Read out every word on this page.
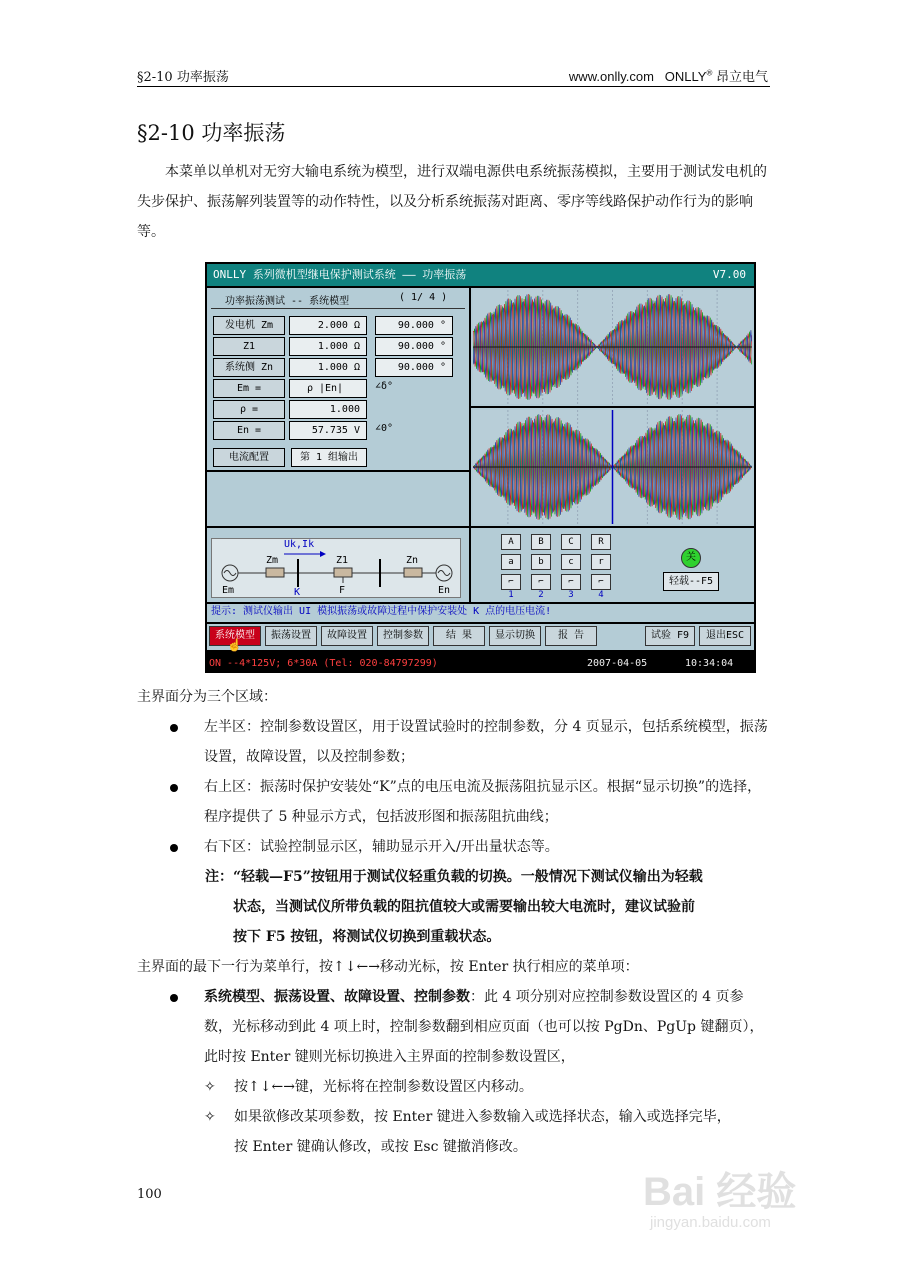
§2-10 功率振荡	www.onlly.com ONLLY® 昂立电气
§2-10 功率振荡
本菜单以单机对无穷大输电系统为模型，进行双端电源供电系统振荡模拟，主要用于测试发电机的失步保护、振荡解列装置等的动作特性，以及分析系统振荡对距离、零序等线路保护动作行为的影响等。
ONLLY 系列微机型继电保护测试系统 —— 功率振荡	V7.00
功率振荡测试 -- 系统模型	( 1/ 4 )
发电机 Zm	2.000 Ω	90.000 °
Z1	1.000 Ω	90.000 °
系统侧 Zn	1.000 Ω	90.000 °
Em =	ρ |En|	∠δ°
ρ =	1.000
En =	57.735 V	∠0°
电流配置	第 1 组输出
Uk,Ik
Zm	Z1	Zn
Em	K	F	En
A	B	C	R
a	b	c	r
⌐	⌐	⌐	⌐
1	2	3	4
关
轻载--F5
提示: 测试仪输出 UI 模拟振荡或故障过程中保护安装处 K 点的电压电流!
系统模型	振荡设置	故障设置	控制参数	结 果	显示切换	报 告	试验 F9	退出ESC
☝
ON --4*125V; 6*30A (Tel: 020-84797299)	2007-04-05	10:34:04
主界面分为三个区域：
左半区：控制参数设置区，用于设置试验时的控制参数，分 4 页显示，包括系统模型，振荡设置，故障设置，以及控制参数；
右上区：振荡时保护安装处“K”点的电压电流及振荡阻抗显示区。根据“显示切换”的选择，程序提供了 5 种显示方式，包括波形图和振荡阻抗曲线；
右下区：试验控制显示区，辅助显示开入/开出量状态等。
注：“轻载—F5”按钮用于测试仪轻重负载的切换。一般情况下测试仪输出为轻载
状态，当测试仪所带负载的阻抗值较大或需要输出较大电流时，建议试验前
按下 F5 按钮，将测试仪切换到重载状态。
主界面的最下一行为菜单行，按↑↓←→移动光标，按 Enter 执行相应的菜单项：
系统模型、振荡设置、故障设置、控制参数：此 4 项分别对应控制参数设置区的 4 页参数，光标移动到此 4 项上时，控制参数翻到相应页面（也可以按 PgDn、PgUp 键翻页），此时按 Enter 键则光标切换进入主界面的控制参数设置区，
✧ 按↑↓←→键，光标将在控制参数设置区内移动。
✧ 如果欲修改某项参数，按 Enter 键进入参数输入或选择状态，输入或选择完毕，
按 Enter 键确认修改，或按 Esc 键撤消修改。
100	Bai 经验
jingyan.baidu.com
